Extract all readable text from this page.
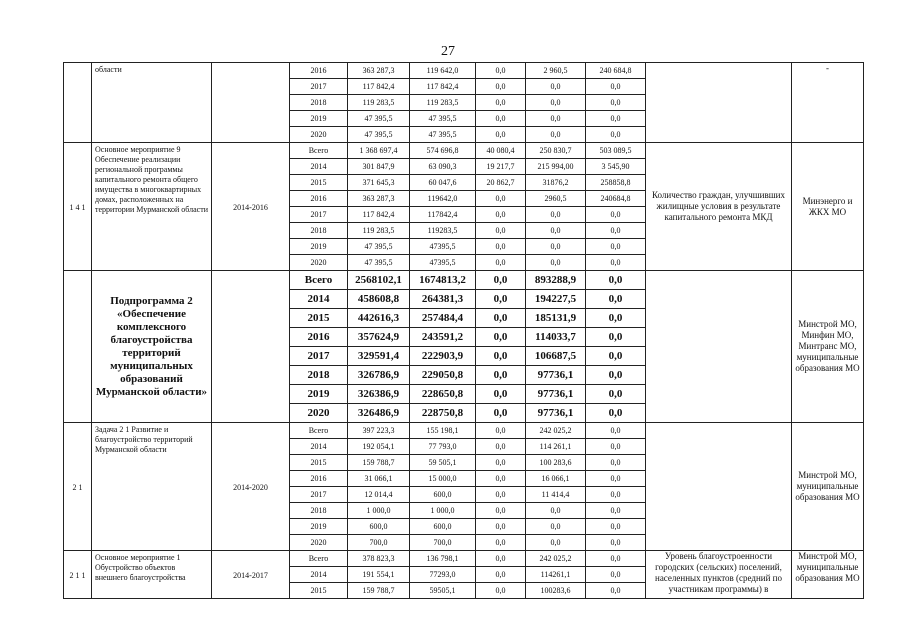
27
	области		2016	363 287,3	119 642,0	0,0	2 960,5	240 684,8		-
			2017	117 842,4	117 842,4	0,0	0,0	0,0		
			2018	119 283,5	119 283,5	0,0	0,0	0,0		
			2019	47 395,5	47 395,5	0,0	0,0	0,0		
			2020	47 395,5	47 395,5	0,0	0,0	0,0		
1 4 1	Основное мероприятие 9 Обеспечение реализации региональной программы капитального ремонта общего имущества в многоквартирных домах, расположенных на территории Мурманской области	2014-2016	Всего	1 368 697,4	574 696,8	40 080,4	250 830,7	503 089,5	Количество граждан, улучшивших жилищные условия в результате капитального ремонта МКД	Минэнерго и ЖКХ МО
			2014	301 847,9	63 090,3	19 217,7	215 994,00	3 545,90		
			2015	371 645,3	60 047,6	20 862,7	31876,2	258858,8		
			2016	363 287,3	119642,0	0,0	2960,5	240684,8		
			2017	117 842,4	117842,4	0,0	0,0	0,0		
			2018	119 283,5	119283,5	0,0	0,0	0,0		
			2019	47 395,5	47395,5	0,0	0,0	0,0		
			2020	47 395,5	47395,5	0,0	0,0	0,0		
	Подпрограмма 2 «Обеспечение комплексного благоустройства территорий муниципальных образований Мурманской области»		Всего	2568102,1	1674813,2	0,0	893288,9	0,0		Минстрой МО, Минфин МО, Минтранс МО, муниципальные образования МО
			2014	458608,8	264381,3	0,0	194227,5	0,0		
			2015	442616,3	257484,4	0,0	185131,9	0,0		
			2016	357624,9	243591,2	0,0	114033,7	0,0		
			2017	329591,4	222903,9	0,0	106687,5	0,0		
			2018	326786,9	229050,8	0,0	97736,1	0,0		
			2019	326386,9	228650,8	0,0	97736,1	0,0		
			2020	326486,9	228750,8	0,0	97736,1	0,0		
2 1	Задача 2 1 Развитие и благоустройство территорий Мурманской области	2014-2020	Всего	397 223,3	155 198,1	0,0	242 025,2	0,0		Минстрой МО, муниципальные образования МО
			2014	192 054,1	77 793,0	0,0	114 261,1	0,0		
			2015	159 788,7	59 505,1	0,0	100 283,6	0,0		
			2016	31 066,1	15 000,0	0,0	16 066,1	0,0		
			2017	12 014,4	600,0	0,0	11 414,4	0,0		
			2018	1 000,0	1 000,0	0,0	0,0	0,0		
			2019	600,0	600,0	0,0	0,0	0,0		
			2020	700,0	700,0	0,0	0,0	0,0		
2 1 1	Основное мероприятие 1 Обустройство объектов внешнего благоустройства	2014-2017	Всего	378 823,3	136 798,1	0,0	242 025,2	0,0	Уровень благоустроенности городских (сельских) поселений, населенных пунктов (средний по участникам программы) в	Минстрой МО, муниципальные образования МО
			2014	191 554,1	77293,0	0,0	114261,1	0,0		
			2015	159 788,7	59505,1	0,0	100283,6	0,0		
